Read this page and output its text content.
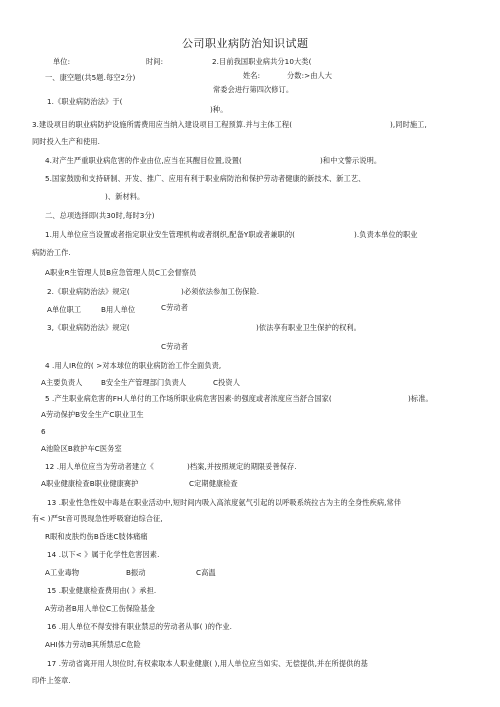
公司职业病防治知识试题
单位:	时间:	2.目前我国职业病共分10大类(
一、康空题(共5题.每空2分)	姓名:	分数:>由人大
常委会进行第四次修订。
1.《职业病防治法》于(
)种。
3.建设项目的职业病防护设施所需费用应当纳入建设项目工程预算.并与主体工程(	),同时施工,
同时投入生产和使用.
4.对产生严重职业病危害的作业由位,应当在其醒目位置,设置(	)和中文警示说明。
5.国家鼓励和支持研制、开发、推广、应用有利于职业病防治和保护劳动者健康的新技术、新工艺、
)、新材料。
二、总项选择即(共30时,每时3分)
1.用人单位应当设置或者指定职业安生管理机构或者纲织,配备Y职或者兼职的(	).负责本单位的职业
病防治工作.
A职业R生管理人员B应急管理人员C工会督察员
2.《职业病防治法》规定(	)必须依法参加工伤保险.
A单位职工	B用人单位	C劳动者
3,《职业病防治法》规定(	)依法享有职业卫生保护的权利。
C劳动者
4 .用人IR位的( >对本球位的职业病防治工作全面负责,
A主要负责人	B安全生产管理部门负责人	C投资人
5 .产生职业病危害的FH人单付的工作场所职业病危害因素·的强度或者浓度应当舒合国家(	)标准。
A劳动保护B安全生产C职业卫生
6
A池险区B救护车C医务室
12 .用人单位应当为劳动者建立《	)档案,并按照规定的期限妥善保存.
A职业健康检查B职业健康赛护	C定期健康检查
13 .职业性急性奴中毒是在职业活动中,短时间内吸入高浓度氨气引起的以呼吸系统拉古为主的全身性疾病,常伴
有< )严St音可畏现急性呼吸窘迫综合征,
R眼和皮肤灼伤B昏迷C肢体痛痛
14 .以下< 》属于化学性危害因素.
A工业毒物	B振动	C高温
15 .职业健康检查费用由( 》承担.
A劳动者B用人单位C工伤保险基金
16 .用人单位不得安排有职业禁忌的劳动者从事( )的作业.
AHI体力劳动B其所禁忌C危险
17 .劳动省离开用人坝位时,有权索取本人职业健康( ),用人单位应当如实、无偿提供,并在所提供的基
印件上签章.
